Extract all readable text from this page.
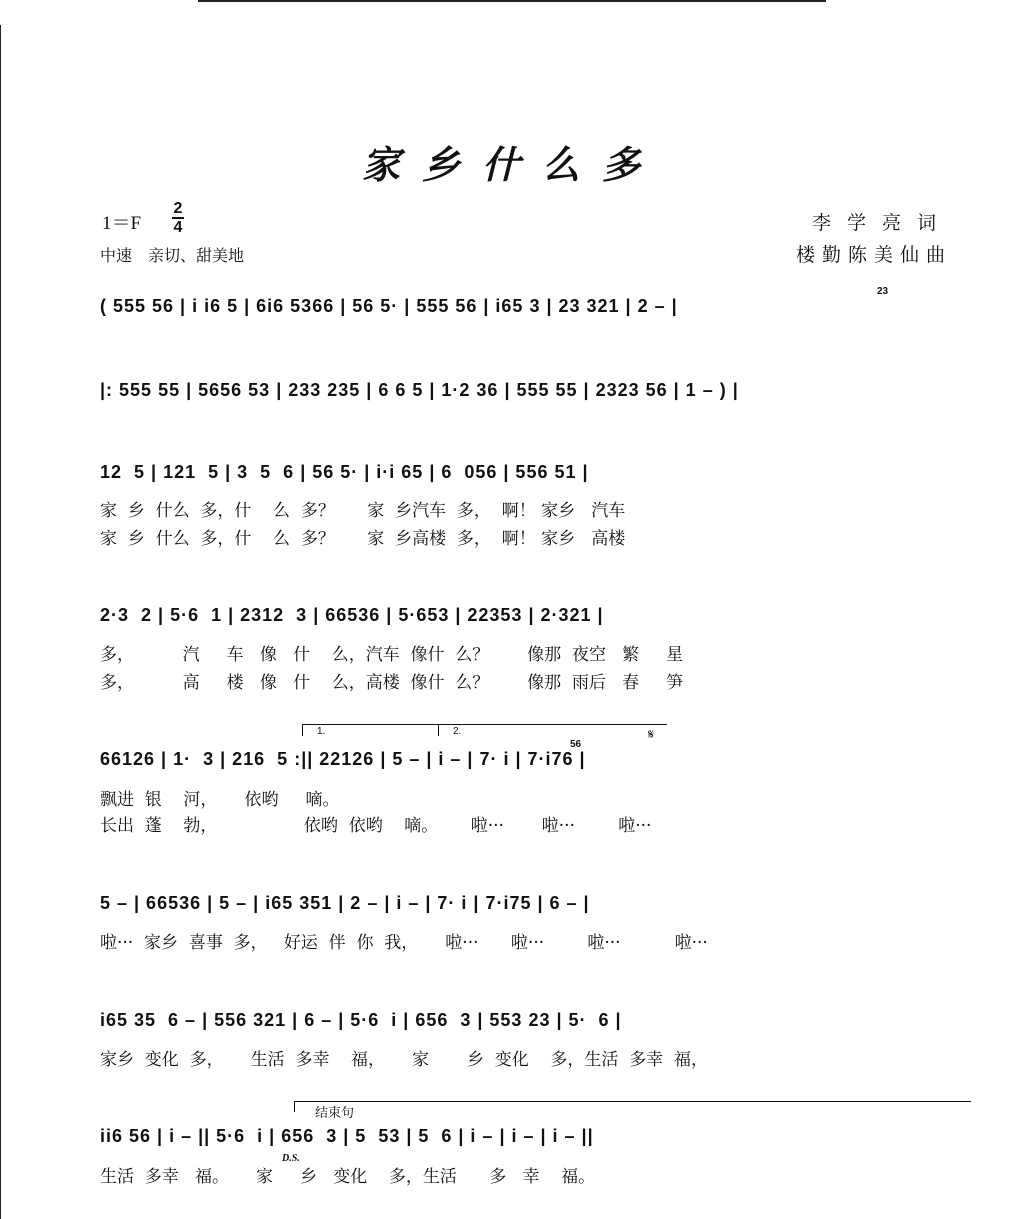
家乡什么多
1＝F
2
4
中速　亲切、甜美地
李学亮词
楼勤陈美仙曲
23
( 555 56 | i i6 5 | 6i6 5366 | 56 5· | 555 56 | i65 3 | 23 321 | 2 – |
|: 555 55 | 5656 53 | 233 235 | 6 6 5 | 1·2 36 | 555 55 | 2323 56 | 1 – ) |
12  5 | 121  5 | 3  5  6 | 56 5· | i·i 65 | 6  056 | 556 51 |
家  乡  什么  多，什    么  多？      家  乡汽车  多，  啊！ 家乡   汽车
家  乡  什么  多，什    么  多？      家  乡高楼  多，  啊！ 家乡   高楼
2·3  2 | 5·6  1 | 2312  3 | 66536 | 5·653 | 22353 | 2·321 |
多，         汽     车   像   什    么，汽车  像什  么？       像那  夜空   繁     星
多，         高     楼   像   什    么，高楼  像什  么？       像那  雨后   春     笋
1.	2.
56
𝄋
66126 | 1·  3 | 216  5 :|| 22126 | 5 – | i – | 7· i | 7·i76 |
飘进  银    河，     依哟     嘀。
长出  蓬    勃，                依哟  依哟    嘀。      啦···       啦···        啦···
5 – | 66536 | 5 – | i65 351 | 2 – | i – | 7· i | 7·i75 | 6 – |
啦···  家乡  喜事  多，   好运  伴  你  我，     啦···      啦···        啦···          啦···
i65 35  6 – | 556 321 | 6 – | 5·6  i | 656  3 | 553 23 | 5·  6 |
家乡  变化  多，     生活  多幸    福，     家       乡  变化    多，生活  多幸  福，
结束句
ii6 56 | i – || 5·6  i | 656  3 | 5  53 | 5  6 | i – | i – | i – ||
D.S.
生活  多幸   福。     家     乡   变化    多，生活      多   幸    福。
